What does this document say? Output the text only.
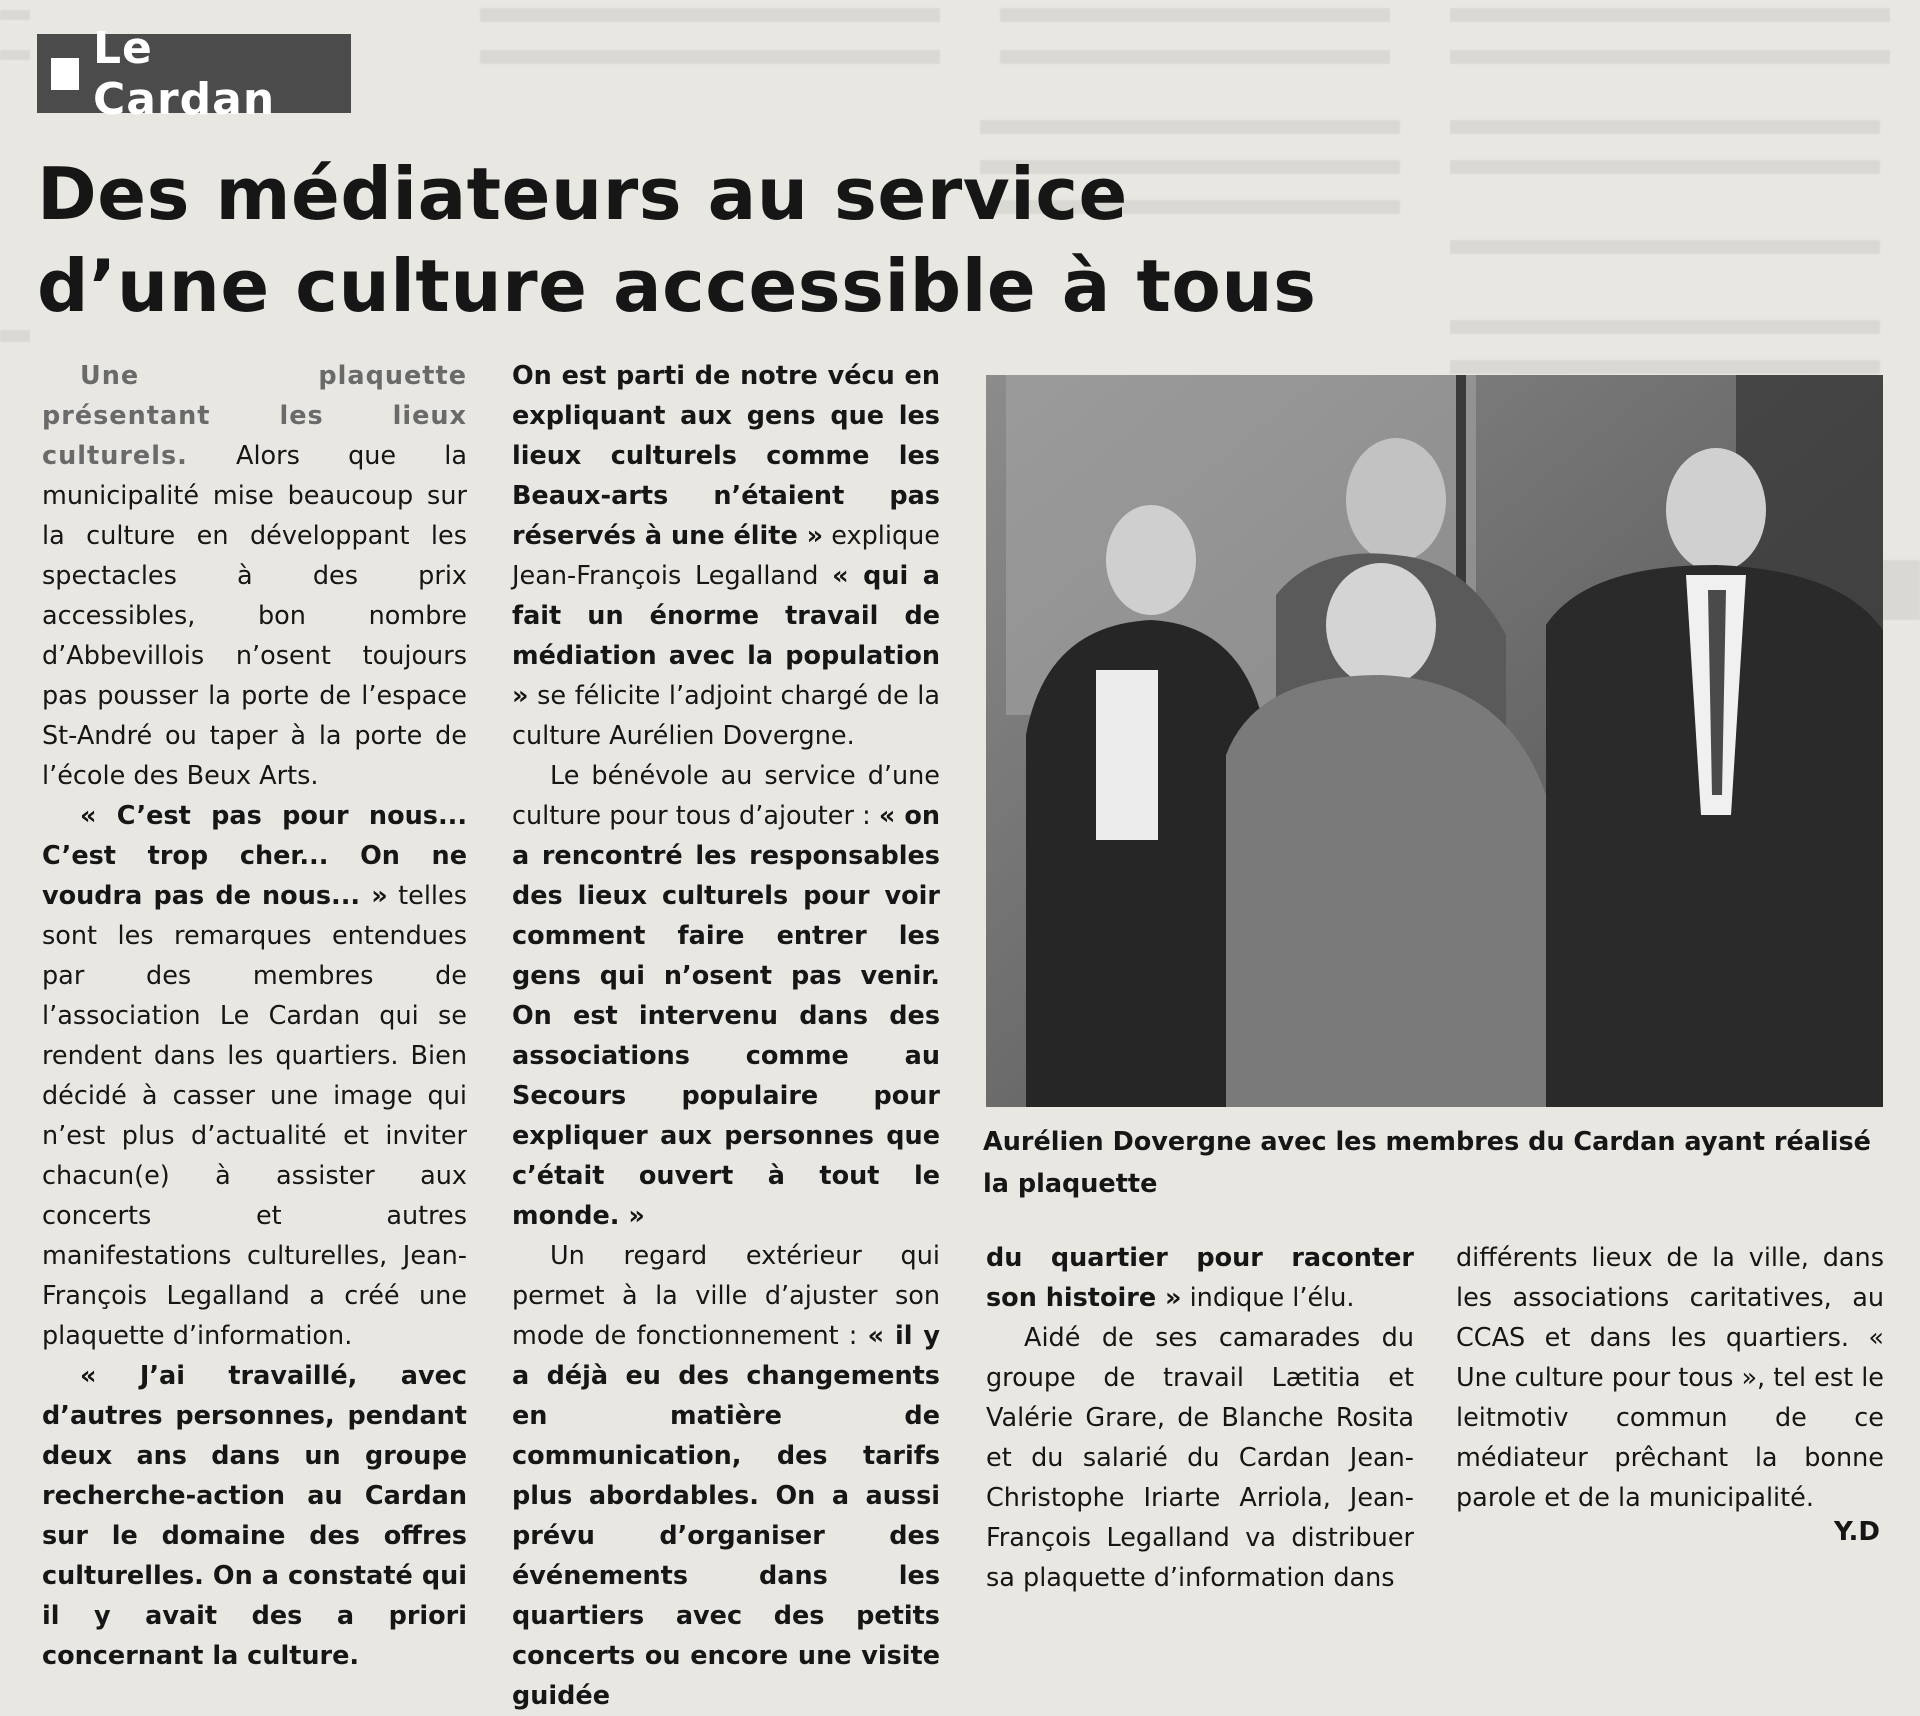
Le Cardan
Des médiateurs au service
d’une culture accessible à tous

Une plaquette présentant les lieux culturels. Alors que la municipalité mise beaucoup sur la culture en développant les spectacles à des prix accessibles, bon nombre d’Abbevillois n’osent toujours pas pousser la porte de l’espace St-André ou taper à la porte de l’école des Beux Arts.

« C’est pas pour nous... C’est trop cher... On ne voudra pas de nous... » telles sont les remarques entendues par des membres de l’association Le Cardan qui se rendent dans les quartiers. Bien décidé à casser une image qui n’est plus d’actualité et inviter chacun(e) à assister aux concerts et autres manifestations culturelles, Jean-François Legalland a créé une plaquette d’information.

« J’ai travaillé, avec d’autres personnes, pendant deux ans dans un groupe recherche-action au Cardan sur le domaine des offres culturelles. On a constaté qui il y avait des a priori concernant la culture.

On est parti de notre vécu en expliquant aux gens que les lieux culturels comme les Beaux-arts n’étaient pas réservés à une élite » explique Jean-François Legalland « qui a fait un énorme travail de médiation avec la population » se félicite l’adjoint chargé de la culture Aurélien Dovergne.

Le bénévole au service d’une culture pour tous d’ajouter : « on a rencontré les responsables des lieux culturels pour voir comment faire entrer les gens qui n’osent pas venir. On est intervenu dans des associations comme au Secours populaire pour expliquer aux personnes que c’était ouvert à tout le monde. »

Un regard extérieur qui permet à la ville d’ajuster son mode de fonctionnement : « il y a déjà eu des changements en matière de communication, des tarifs plus abordables. On a aussi prévu d’organiser des événements dans les quartiers avec des petits concerts ou encore une visite guidée

Aurélien Dovergne avec les membres du Cardan ayant réalisé la plaquette

du quartier pour raconter son histoire » indique l’élu.

Aidé de ses camarades du groupe de travail Lætitia et Valérie Grare, de Blanche Rosita et du salarié du Cardan Jean-Christophe Iriarte Arriola, Jean-François Legalland va distribuer sa plaquette d’information dans

différents lieux de la ville, dans les associations caritatives, au CCAS et dans les quartiers. « Une culture pour tous », tel est le leitmotiv commun de ce médiateur prêchant la bonne parole et de la municipalité.

Y.D
